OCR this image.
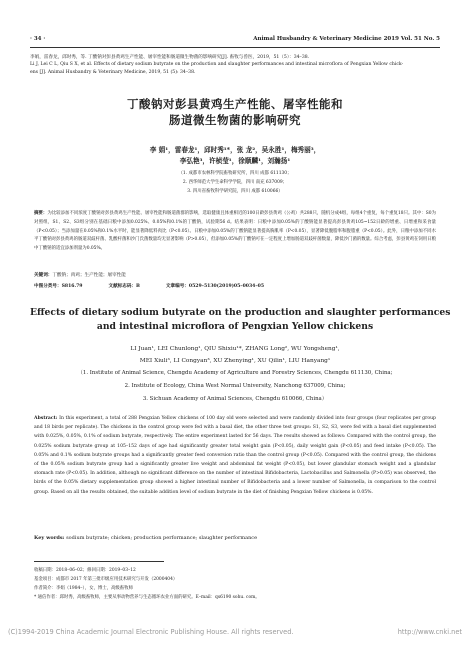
· 34 ·	Animal Husbandry & Veterinary Medicine 2019 Vol. 51 No. 5

李娟，雷春龙，邱时秀，等. 丁酸钠对彭县黄鸡生产性能、屠宰性能和肠道微生物菌的影响研究[J]. 畜牧与兽医，2019，51（5）：34–38.

Li J, Lei C L, Qiu S X, et al. Effects of dietary sodium butyrate on the production and slaughter performances and intestinal microflora of Pengxian Yellow chick-

ens [J]. Animal Husbandry & Veterinary Medicine, 2019, 51 (5): 34–38.

丁酸钠对彭县黄鸡生产性能、屠宰性能和
肠道微生物菌的影响研究
李 娟¹，雷春龙¹，邱时秀¹*，张 龙²，吴永胜¹，梅秀丽³，
李弘艳³，许桢莹¹，徐顺麟¹，刘瀚扬¹
（1. 成都市农林科学院畜牧研究所，四川 成都 611130；
2. 西华师范大学生命科学学院，四川 南充 637009；
3. 四川省畜牧科学研究院，四川 成都 610066）

摘要：为比较添加不同浓度丁酸钠对彭县黄鸡生产性能、屠宰性能和肠道菌群的影响，选取健康且体重相近的100日龄彭县黄鸡（公鸡）共288只，随机分成4组，每组4个重复，每个重复18只。其中：S0为对照组，S1、S2、S3组分别在基础日粮中添加0.025%、0.05%和0.1%的丁酸钠，试验期56 d。结果表明：日粮中添加0.05%的丁酸钠能显著提高彭县黄鸡105~152日龄的增重、日增重和采食量（P<0.05）；当添加量在0.05%和0.1%水平时，能显著降低料肉比（P<0.05）。日粮中添加0.05%的丁酸钠能显著提高胸肌率（P<0.05），显著降低腹脂率和腹脂重（P<0.05）。此外，日粮中添加不同水平丁酸钠对彭县黄鸡的肠道双歧杆菌、乳酸杆菌和沙门氏菌数量均无显著影响（P>0.05），但添加0.05%的丁酸钠可在一定程度上增加肠道双歧杆菌数量，降低沙门菌的数量。综合考虑，彭县黄鸡在饲用日粮中丁酸钠的适宜添加剂量为0.05%。

关键词：丁酸钠；肉鸡；生产性能；屠宰性能
中图分类号：S816.79	文献标志码：B	文章编号：0529–5130(2019)05–0034–05
Effects of dietary sodium butyrate on the production and slaughter performances
and intestinal microflora of Pengxian Yellow chickens
LI Juan¹, LEI Chunlong¹, QIU Shixiu¹*, ZHANG Long², WU Yongsheng¹,
MEI Xiuli³, LI Congyan³, XU Zhenying¹, XU Qilin¹, LIU Hanyang¹
（1. Institute of Animal Science, Chengdu Academy of Agriculture and Forestry Sciences, Chengdu 611130, China;
2. Institute of Ecology, China West Normal University, Nanchong 637009, China;
3. Sichuan Academy of Animal Sciences, Chengdu 610066, China）

Abstract: In this experiment, a total of 288 Pengxian Yellow chickens of 100 day old were selected and were randomly divided into four groups (four replicates per group and 18 birds per replicate). The chickens in the control group were fed with a basal diet, the other three test groups: S1, S2, S3, were fed with a basal diet supplemented with 0.025%, 0.05%, 0.1% of sodium butyrate, respectively. The entire experiment lasted for 56 days. The results showed as follows: Compared with the control group, the 0.025% sodium butyrate group at 105–152 days of age had significantly greater total weight gain (P<0.05), daily weight gain (P<0.05) and feed intake (P<0.05). The 0.05% and 0.1% sodium butyrate groups had a significantly greater feed conversion ratio than the control group (P<0.05). Compared with the control group, the chickens of the 0.05% sodium butyrate group had a significantly greater live weight and abdominal fat weight (P<0.05), but lower glandular stomach weight and a glandular stomach rate (P<0.05). In addition, although no significant difference on the number of intestinal Bifidobacteria, Lactobacillus and Salmonella (P>0.05) was observed, the birds of the 0.05% dietary supplementation group showed a higher intestinal number of Bifidobacteria and a lower number of Salmonella, in comparison to the control group. Based on all the results obtained, the suitable addition level of sodium butyrate in the diet of finishing Pengxian Yellow chickens is 0.05%.

Key words: sodium butyrate; chicken; production performance; slaughter performance

收稿日期：2018–06–02；修回日期：2019–03–12

基金项目：成都市 2017 年第三批市级应用技术研究与开发（2000404）

作者简介：李娟（1984–），女，博士，高级畜牧师

* 通信作者：邱时秀，高级畜牧师，主要从事动物营养与生态循环农业方面的研究。E–mail：qs6190 sohu. com。

(C)1994-2019 China Academic Journal Electronic Publishing House. All rights reserved.	http://www.cnki.net
